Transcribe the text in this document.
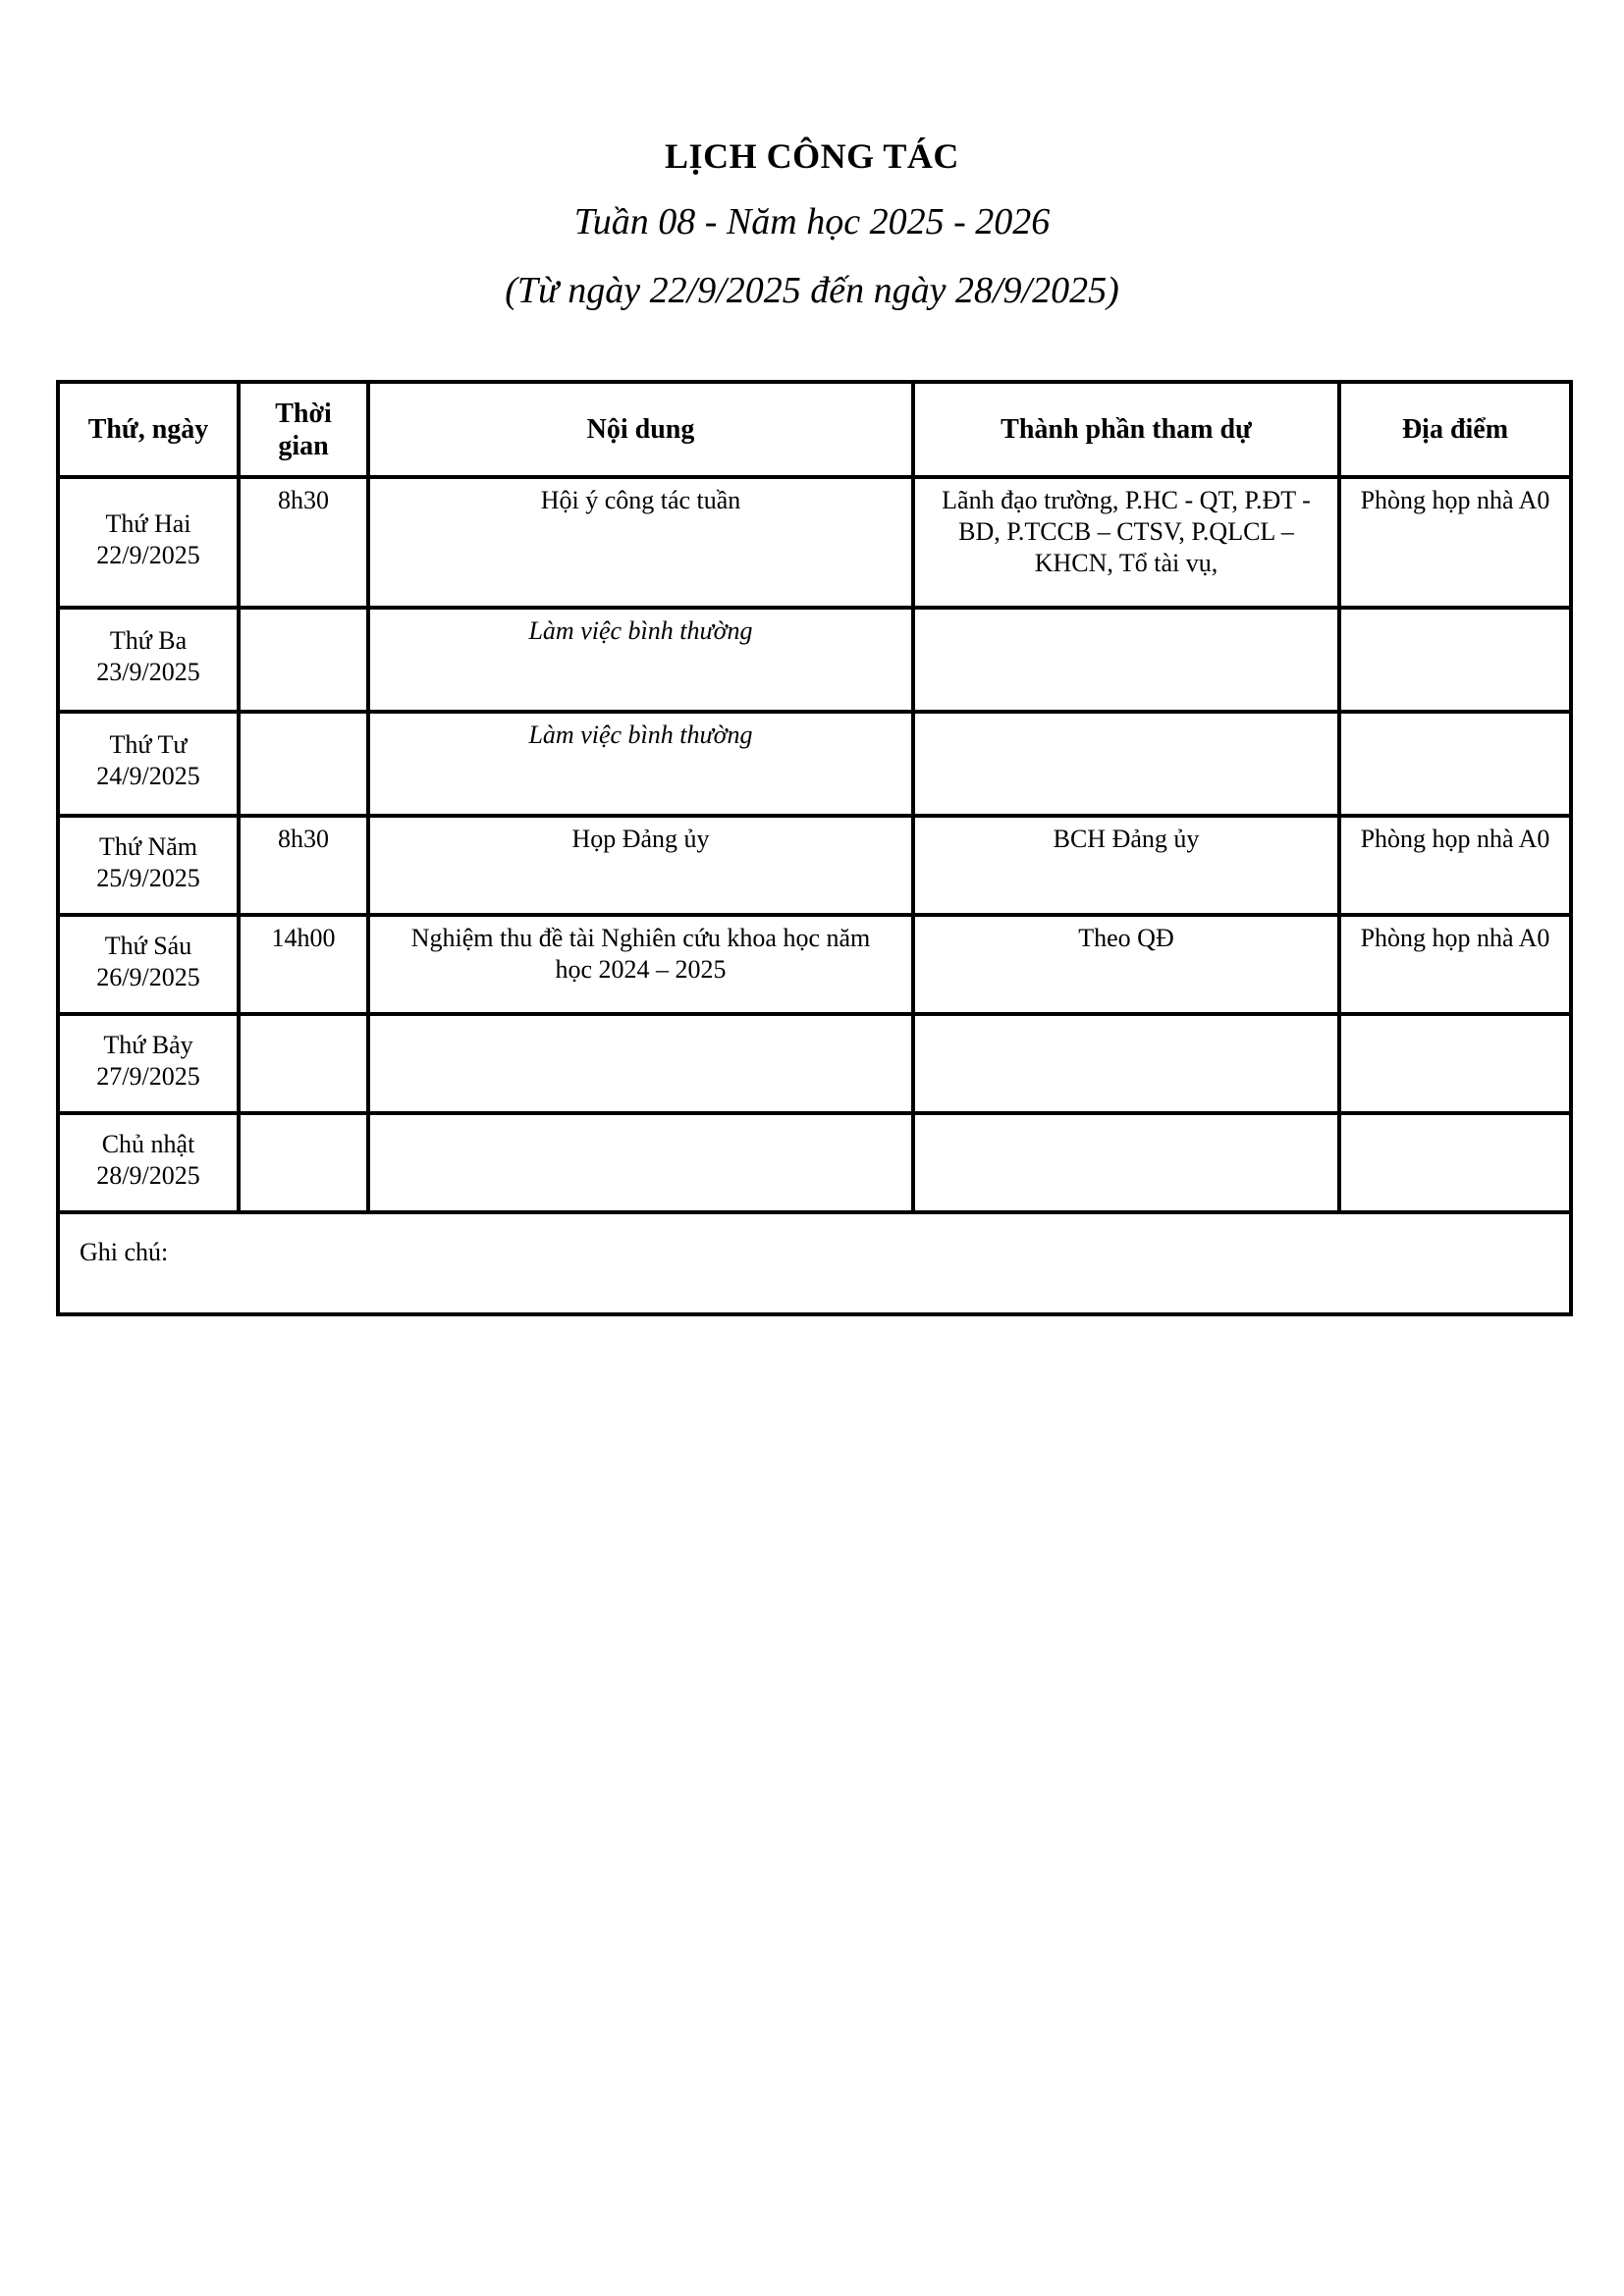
LỊCH CÔNG TÁC
Tuần 08 - Năm học 2025 - 2026
(Từ ngày 22/9/2025 đến ngày 28/9/2025)
Thứ, ngày	Thời gian	Nội dung	Thành phần tham dự	Địa điểm

Thứ Hai
22/9/2025	8h30	Hội ý công tác tuần	Lãnh đạo trường, P.HC - QT, P.ĐT - BD, P.TCCB – CTSV, P.QLCL – KHCN, Tổ tài vụ,	Phòng họp nhà A0

Thứ Ba
23/9/2025		Làm việc bình thường		

Thứ Tư
24/9/2025		Làm việc bình thường		

Thứ Năm
25/9/2025	8h30	Họp Đảng ủy	BCH Đảng ủy	Phòng họp nhà A0

Thứ Sáu
26/9/2025	14h00	Nghiệm thu đề tài Nghiên cứu khoa học năm học 2024 – 2025	Theo QĐ	Phòng họp nhà A0

Thứ Bảy
27/9/2025				

Chủ nhật
28/9/2025				

Ghi chú:				
